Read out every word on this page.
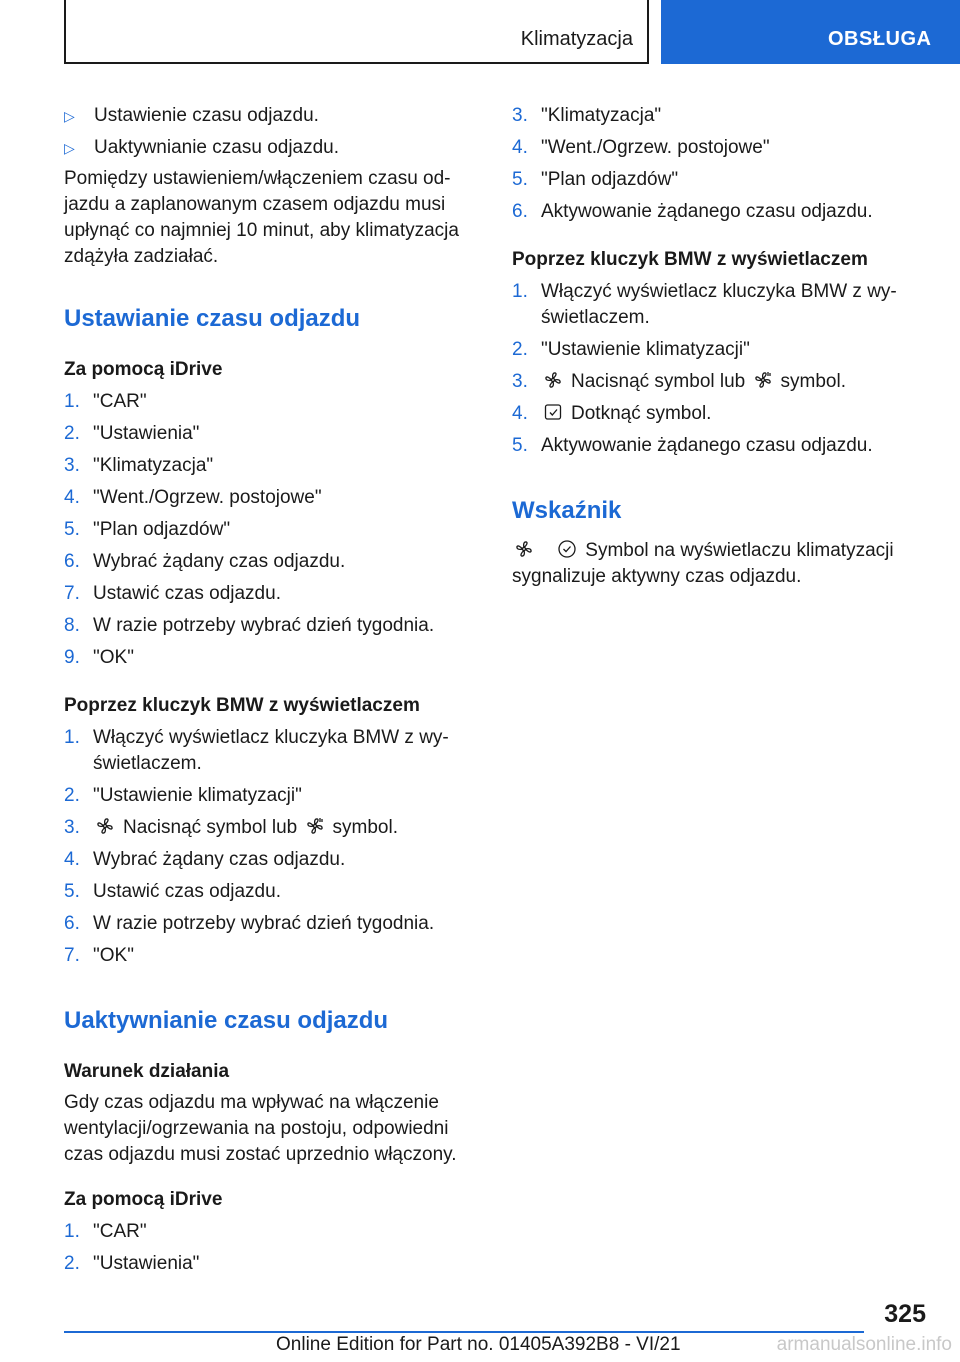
Klimatyzacja	OBSŁUGA
▷	Ustawienie czasu odjazdu.
▷	Uaktywnianie czasu odjazdu.

Pomiędzy ustawieniem/włączeniem czasu od-
jazdu a zaplanowanym czasem odjazdu musi
upłynąć co najmniej 10 minut, aby klimatyzacja
zdążyła zadziałać.

Ustawianie czasu odjazdu
Za pomocą iDrive
1. "CAR"
2. "Ustawienia"
3. "Klimatyzacja"
4. "Went./Ogrzew. postojowe"
5. "Plan odjazdów"
6. Wybrać żądany czas odjazdu.
7. Ustawić czas odjazdu.
8. W razie potrzeby wybrać dzień tygodnia.
9. "OK"
Poprzez kluczyk BMW z wyświetlaczem
1. Włączyć wyświetlacz kluczyka BMW z wy-
świetlaczem.
2. "Ustawienie klimatyzacji"
3.	Nacisnąć symbol lub symbol.
4. Wybrać żądany czas odjazdu.
5. Ustawić czas odjazdu.
6. W razie potrzeby wybrać dzień tygodnia.
7. "OK"
Uaktywnianie czasu odjazdu
Warunek działania

Gdy czas odjazdu ma wpływać na włączenie
wentylacji/ogrzewania na postoju, odpowiedni
czas odjazdu musi zostać uprzednio włączony.

Za pomocą iDrive
1. "CAR"
2. "Ustawienia"
3. "Klimatyzacja"
4. "Went./Ogrzew. postojowe"
5. "Plan odjazdów"
6. Aktywowanie żądanego czasu odjazdu.
Poprzez kluczyk BMW z wyświetlaczem
1. Włączyć wyświetlacz kluczyka BMW z wy-
świetlaczem.
2. "Ustawienie klimatyzacji"
3.	Nacisnąć symbol lub symbol.
4.	Dotknąć symbol.
5. Aktywowanie żądanego czasu odjazdu.
Wskaźnik

Symbol na wyświetlaczu klimatyzacji
sygnalizuje aktywny czas odjazdu.

325
Online Edition for Part no. 01405A392B8 - VI/21	armanualsonline.info
